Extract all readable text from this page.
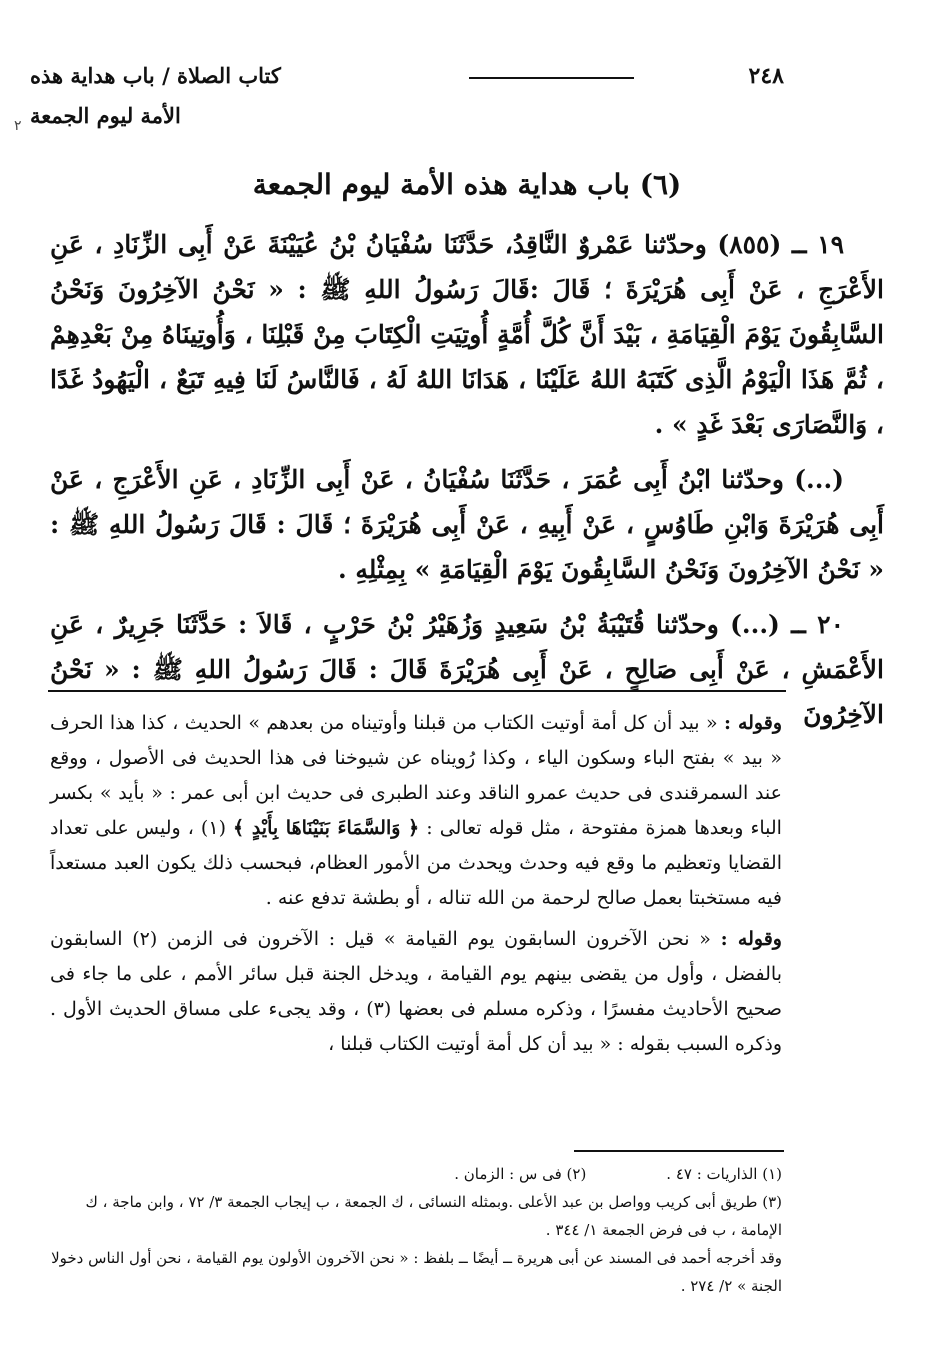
٢٤٨
كتاب الصلاة / باب هداية هذه الأمة ليوم الجمعة
٢
(٦) باب هداية هذه الأمة ليوم الجمعة

١٩ ــ (٨٥٥) وحدّثنا عَمْروٌ النَّاقِدُ، حَدَّثَنَا سُفْيَانُ بْنُ عُيَيْنَةَ عَنْ أَبِى الزِّنَادِ ، عَنِ الأَعْرَجِ ، عَنْ أَبِى هُرَيْرَةَ ؛ قَالَ :قَالَ رَسُولُ اللهِ ﷺ : « نَحْنُ الآخِرُونَ وَنَحْنُ السَّابِقُونَ يَوْمَ الْقِيَامَةِ ، بَيْدَ أَنَّ كُلَّ أُمَّةٍ أُوتِيَتِ الْكِتَابَ مِنْ قَبْلِنَا ، وَأُوتِينَاهُ مِنْ بَعْدِهِمْ ، ثُمَّ هَذَا الْيَوْمُ الَّذِى كَتَبَهُ اللهُ عَلَيْنَا ، هَدَانَا اللهُ لَهُ ، فَالنَّاسُ لَنَا فِيهِ تَبَعٌ ، الْيَهُودُ غَدًا ، وَالنَّصَارَى بَعْدَ غَدٍ » .

(...) وحدّثنا ابْنُ أَبِى عُمَرَ ، حَدَّثَنَا سُفْيَانُ ، عَنْ أَبِى الزِّنَادِ ، عَنِ الأَعْرَجِ ، عَنْ أَبِى هُرَيْرَةَ وَابْنِ طَاوُسٍ ، عَنْ أَبِيهِ ، عَنْ أَبِى هُرَيْرَةَ ؛ قَالَ : قَالَ رَسُولُ اللهِ ﷺ : « نَحْنُ الآخِرُونَ وَنَحْنُ السَّابِقُونَ يَوْمَ الْقِيَامَةِ » بِمِثْلِهِ .

٢٠ ــ (...) وحدّثنا قُتَيْبَةُ بْنُ سَعِيدٍ وَزُهَيْرُ بْنُ حَرْبٍ ، قَالاَ : حَدَّثَنَا جَرِيرٌ ، عَنِ الأَعْمَشِ ، عَنْ أَبِى صَالِحٍ ، عَنْ أَبِى هُرَيْرَةَ قَالَ : قَالَ رَسُولُ اللهِ ﷺ : « نَحْنُ الآخِرُونَ

وقوله : « بيد أن كل أمة أوتيت الكتاب من قبلنا وأوتيناه من بعدهم » الحديث ، كذا هذا الحرف « بيد » بفتح الباء وسكون الياء ، وكذا رُويناه عن شيوخنا فى هذا الحديث فى الأصول ، ووقع عند السمرقندى فى حديث عمرو الناقد وعند الطبرى فى حديث ابن أبى عمر : « بأيد » بكسر الباء وبعدها همزة مفتوحة ، مثل قوله تعالى : ﴿ وَالسَّمَاءَ بَنَيْنَاهَا بِأَيْدٍ ﴾ (١) ، وليس على تعداد القضايا وتعظيم ما وقع فيه وحدث ويحدث من الأمور العظام، فبحسب ذلك يكون العبد مستعداً فيه مستخبتا بعمل صالح لرحمة من الله تناله ، أو بطشة تدفع عنه .

وقوله : « نحن الآخرون السابقون يوم القيامة » قيل : الآخرون فى الزمن (٢) السابقون بالفضل ، وأول من يقضى بينهم يوم القيامة ، ويدخل الجنة قبل سائر الأمم ، على ما جاء فى صحيح الأحاديث مفسرًا ، وذكره مسلم فى بعضها (٣) ، وقد يجىء على مساق الحديث الأول . وذكره السبب بقوله : « بيد أن كل أمة أوتيت الكتاب قبلنا ،

(١) الذاريات : ٤٧ .

(٢) فى س : الزمان .

(٣) طريق أبى كريب وواصل بن عبد الأعلى .وبمثله النسائى ، ك الجمعة ، ب إيجاب الجمعة ٣/ ٧٢ ، وابن ماجة ، ك الإمامة ، ب فى فرض الجمعة ١/ ٣٤٤ .

وقد أخرجه أحمد فى المسند عن أبى هريرة ــ أيضًا ــ بلفظ : « نحن الآخرون الأولون يوم القيامة ، نحن أول الناس دخولا الجنة » ٢/ ٢٧٤ .
